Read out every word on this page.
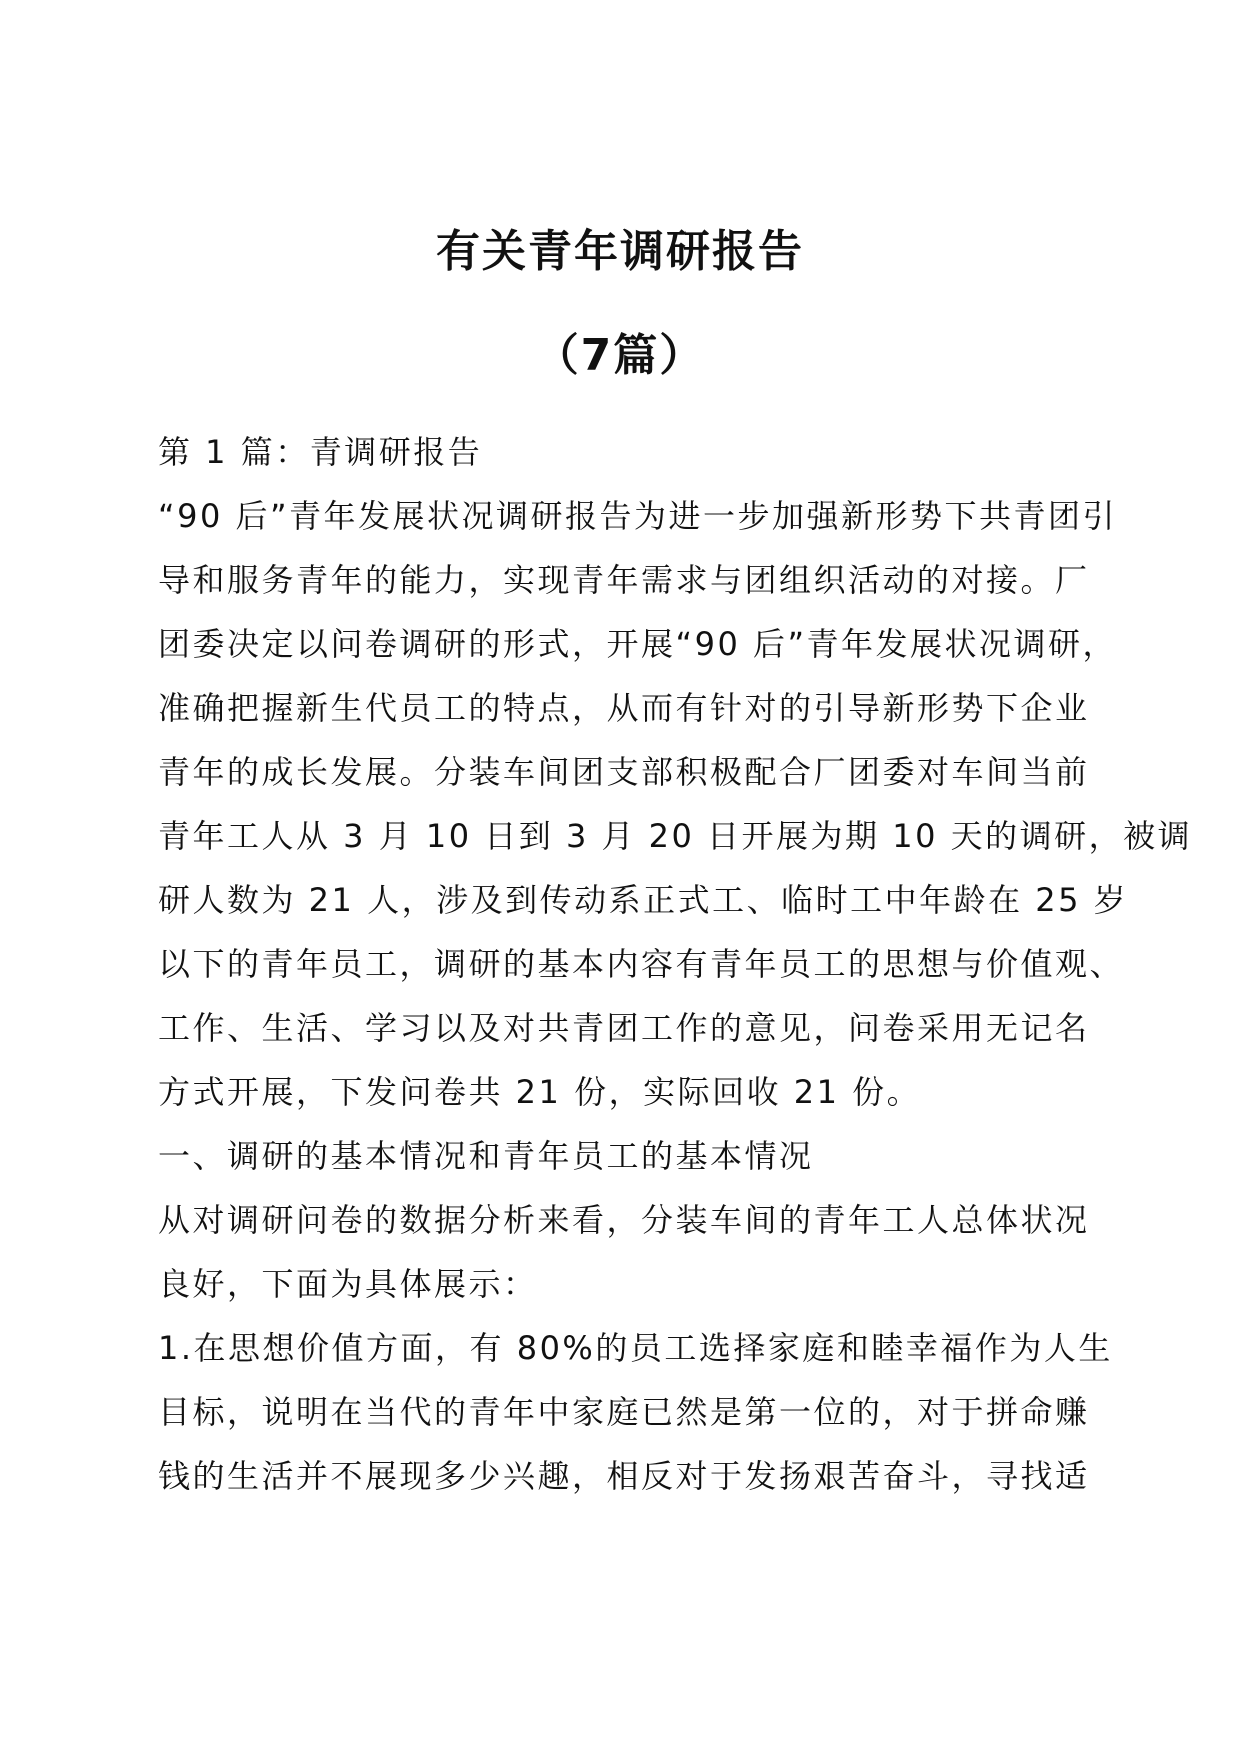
有关青年调研报告
（7篇）
第 1 篇：青调研报告
“90 后”青年发展状况调研报告为进一步加强新形势下共青团引
导和服务青年的能力，实现青年需求与团组织活动的对接。厂
团委决定以问卷调研的形式，开展“90 后”青年发展状况调研，
准确把握新生代员工的特点，从而有针对的引导新形势下企业
青年的成长发展。分装车间团支部积极配合厂团委对车间当前
青年工人从 3 月 10 日到 3 月 20 日开展为期 10 天的调研，被调
研人数为 21 人，涉及到传动系正式工、临时工中年龄在 25 岁
以下的青年员工，调研的基本内容有青年员工的思想与价值观、
工作、生活、学习以及对共青团工作的意见，问卷采用无记名
方式开展，下发问卷共 21 份，实际回收 21 份。
一、调研的基本情况和青年员工的基本情况
从对调研问卷的数据分析来看，分装车间的青年工人总体状况
良好，下面为具体展示：
1.在思想价值方面，有 80%的员工选择家庭和睦幸福作为人生
目标，说明在当代的青年中家庭已然是第一位的，对于拼命赚
钱的生活并不展现多少兴趣，相反对于发扬艰苦奋斗，寻找适
